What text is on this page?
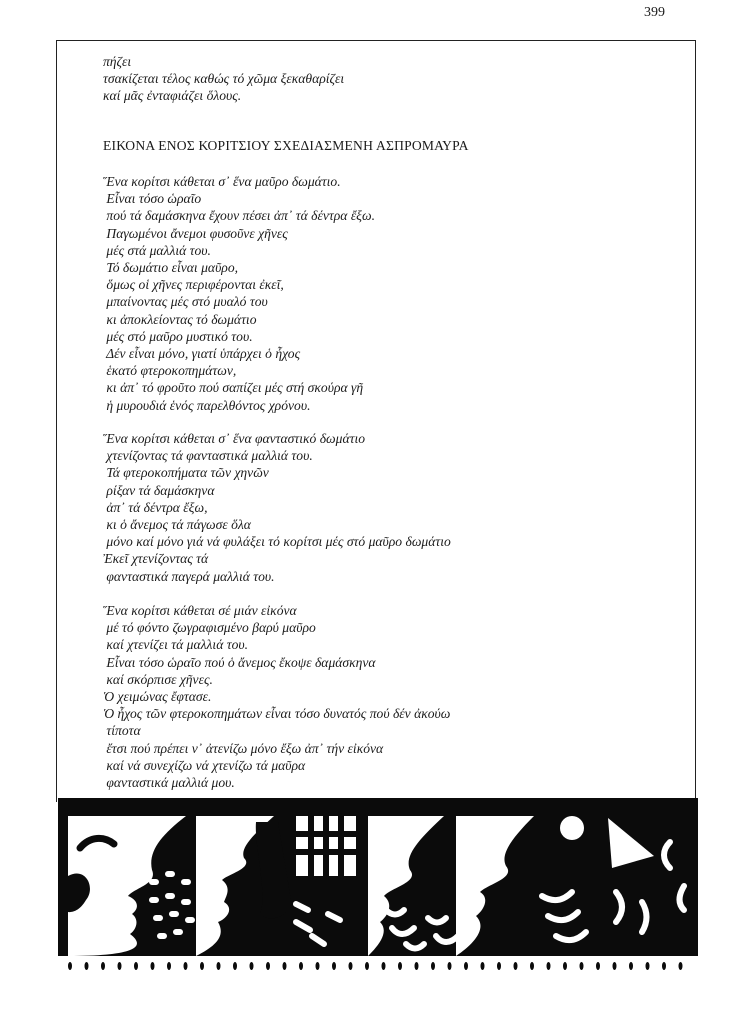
399
πήζει
τσακίζεται τέλος καθώς τό χῶμα ξεκαθαρίζει
καί μᾶς ἐνταφιάζει ὅλους.
ΕΙΚΟΝΑ ΕΝΟΣ ΚΟΡΙΤΣΙΟΥ ΣΧΕΔΙΑΣΜΕΝΗ ΑΣΠΡΟΜΑΥΡΑ
Ἕνα κορίτσι κάθεται σ᾿ ἕνα μαῦρο δωμάτιο.
Εἶναι τόσο ὡραῖο
πού τά δαμάσκηνα ἔχουν πέσει ἀπ᾿ τά δέντρα ἔξω.
Παγωμένοι ἄνεμοι φυσοῦνε χῆνες
μές στά μαλλιά του.
Τό δωμάτιο εἶναι μαῦρο,
ὅμως οἱ χῆνες περιφέρονται ἐκεῖ,
μπαίνοντας μές στό μυαλό του
κι ἀποκλείοντας τό δωμάτιο
μές στό μαῦρο μυστικό του.
Δέν εἶναι μόνο, γιατί ὑπάρχει ὁ ἦχος
ἑκατό φτεροκοπημάτων,
κι ἀπ᾿ τό φροῦτο πού σαπίζει μές στή σκούρα γῆ
ἡ μυρουδιά ἑνός παρελθόντος χρόνου.
Ἕνα κορίτσι κάθεται σ᾿ ἕνα φανταστικό δωμάτιο
χτενίζοντας τά φανταστικά μαλλιά του.
Τά φτεροκοπήματα τῶν χηνῶν
ρίξαν τά δαμάσκηνα
ἀπ᾿ τά δέντρα ἔξω,
κι ὁ ἄνεμος τά πάγωσε ὅλα
μόνο καί μόνο γιά νά φυλάξει τό κορίτσι μές στό μαῦρο δωμάτιο
Ἐκεῖ χτενίζοντας τά
φανταστικά παγερά μαλλιά του.
Ἕνα κορίτσι κάθεται σέ μιάν εἰκόνα
μέ τό φόντο ζωγραφισμένο βαρύ μαῦρο
καί χτενίζει τά μαλλιά του.
Εἶναι τόσο ὡραῖο πού ὁ ἄνεμος ἔκοψε δαμάσκηνα
καί σκόρπισε χῆνες.
Ὁ χειμώνας ἔφτασε.
Ὁ ἦχος τῶν φτεροκοπημάτων εἶναι τόσο δυνατός πού δέν ἀκούω
τίποτα
ἔτσι πού πρέπει ν᾿ ἀτενίζω μόνο ἔξω ἀπ᾿ τήν εἰκόνα
καί νά συνεχίζω νά χτενίζω τά μαῦρα
φανταστικά μαλλιά μου.
